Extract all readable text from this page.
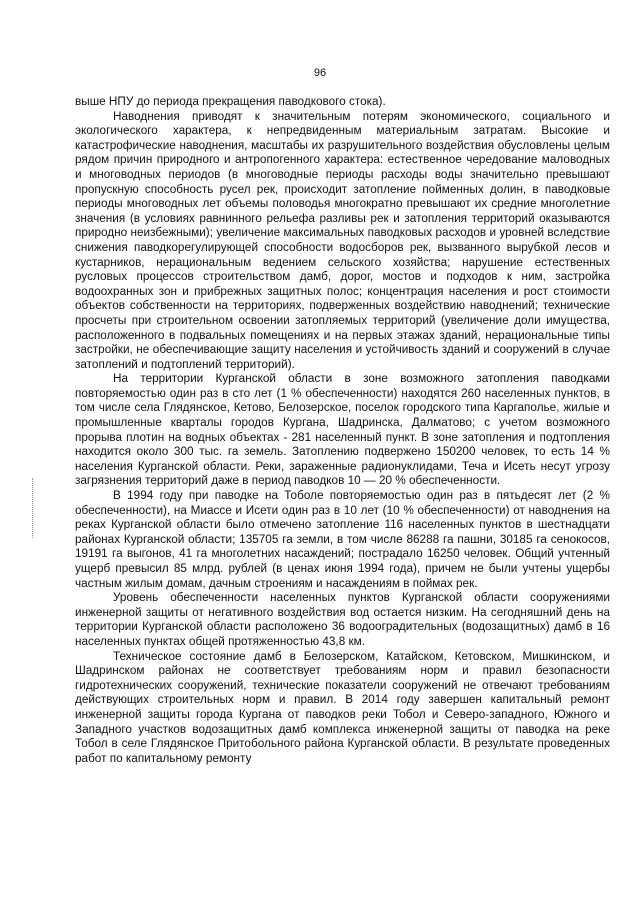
96

выше НПУ до периода прекращения паводкового стока).

Наводнения приводят к значительным потерям экономического, социального и экологического характера, к непредвиденным материальным затратам. Высокие и катастрофические наводнения, масштабы их разрушительного воздействия обусловлены целым рядом причин природного и антропогенного характера: естественное чередование маловодных и многоводных периодов (в многоводные периоды расходы воды значительно превышают пропускную способность русел рек, происходит затопление пойменных долин, в паводковые периоды многоводных лет объемы половодья многократно превышают их средние многолетние значения (в условиях равнинного рельефа разливы рек и затопления территорий оказываются природно неизбежными); увеличение максимальных паводковых расходов и уровней вследствие снижения паводкорегулирующей способности водосборов рек, вызванного вырубкой лесов и кустарников, нерациональным ведением сельского хозяйства; нарушение естественных русловых процессов строительством дамб, дорог, мостов и подходов к ним, застройка водоохранных зон и прибрежных защитных полос; концентрация населения и рост стоимости объектов собственности на территориях, подверженных воздействию наводнений; технические просчеты при строительном освоении затопляемых территорий (увеличение доли имущества, расположенного в подвальных помещениях и на первых этажах зданий, нерациональные типы застройки, не обеспечивающие защиту населения и устойчивость зданий и сооружений в случае затоплений и подтоплений территорий).

На территории Курганской области в зоне возможного затопления паводками повторяемостью один раз в сто лет (1 % обеспеченности) находятся 260 населенных пунктов, в том числе села Глядянское, Кетово, Белозерское, поселок городского типа Каргаполье, жилые и промышленные кварталы городов Кургана, Шадринска, Далматово; с учетом возможного прорыва плотин на водных объектах - 281 населенный пункт. В зоне затопления и подтопления находится около 300 тыс. га земель. Затоплению подвержено 150200 человек, то есть 14 % населения Курганской области. Реки, зараженные радионуклидами, Теча и Исеть несут угрозу загрязнения территорий даже в период паводков 10 — 20 % обеспеченности.

В 1994 году при паводке на Тоболе повторяемостью один раз в пятьдесят лет (2 % обеспеченности), на Миассе и Исети один раз в 10 лет (10 % обеспеченности) от наводнения на реках Курганской области было отмечено затопление 116 населенных пунктов в шестнадцати районах Курганской области; 135705 га земли, в том числе 86288 га пашни, 30185 га сенокосов, 19191 га выгонов, 41 га многолетних насаждений; пострадало 16250 человек. Общий учтенный ущерб превысил 85 млрд. рублей (в ценах июня 1994 года), причем не были учтены ущербы частным жилым домам, дачным строениям и насаждениям в поймах рек.

Уровень обеспеченности населенных пунктов Курганской области сооружениями инженерной защиты от негативного воздействия вод остается низким. На сегодняшний день на территории Курганской области расположено 36 водооградительных (водозащитных) дамб в 16 населенных пунктах общей протяженностью 43,8 км.

Техническое состояние дамб в Белозерском, Катайском, Кетовском, Мишкинском, и Шадринском районах не соответствует требованиям норм и правил безопасности гидротехнических сооружений, технические показатели сооружений не отвечают требованиям действующих строительных норм и правил. В 2014 году завершен капитальный ремонт инженерной защиты города Кургана от паводков реки Тобол и Северо-западного, Южного и Западного участков водозащитных дамб комплекса инженерной защиты от паводка на реке Тобол в селе Глядянское Притобольного района Курганской области. В результате проведенных работ по капитальному ремонту
